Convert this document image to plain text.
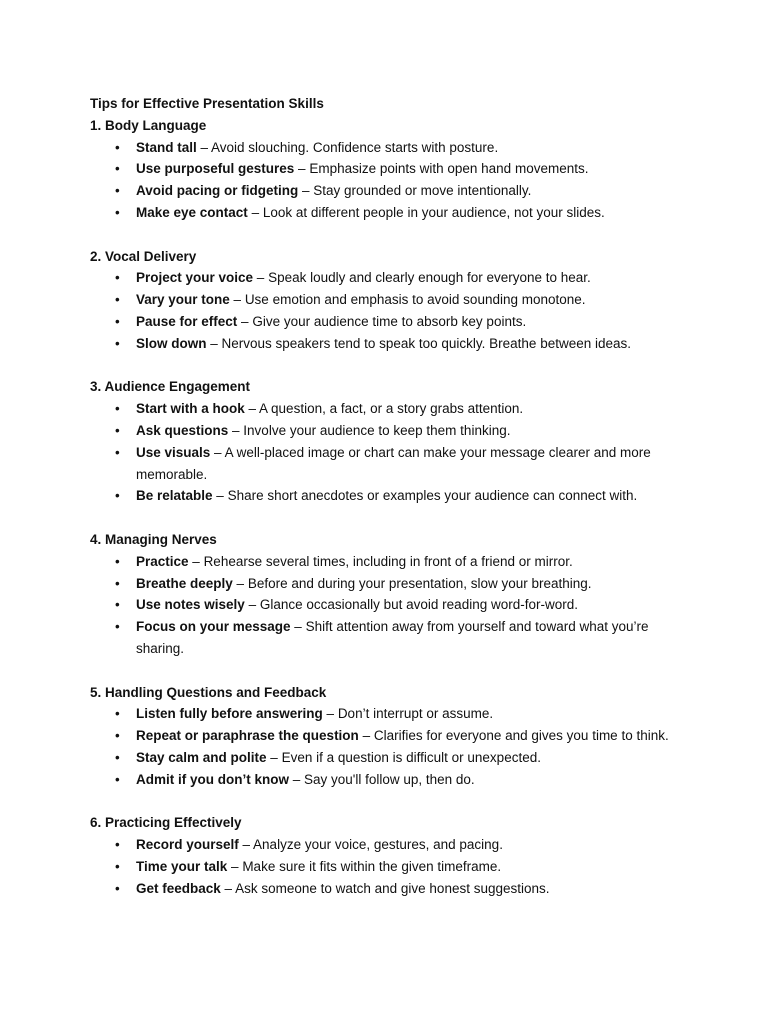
Tips for Effective Presentation Skills
1. Body Language
• Stand tall – Avoid slouching. Confidence starts with posture.
• Use purposeful gestures – Emphasize points with open hand movements.
• Avoid pacing or fidgeting – Stay grounded or move intentionally.
• Make eye contact – Look at different people in your audience, not your slides.
2. Vocal Delivery
• Project your voice – Speak loudly and clearly enough for everyone to hear.
• Vary your tone – Use emotion and emphasis to avoid sounding monotone.
• Pause for effect – Give your audience time to absorb key points.
• Slow down – Nervous speakers tend to speak too quickly. Breathe between ideas.
3. Audience Engagement
• Start with a hook – A question, a fact, or a story grabs attention.
• Ask questions – Involve your audience to keep them thinking.
• Use visuals – A well-placed image or chart can make your message clearer and more memorable.
• Be relatable – Share short anecdotes or examples your audience can connect with.
4. Managing Nerves
• Practice – Rehearse several times, including in front of a friend or mirror.
• Breathe deeply – Before and during your presentation, slow your breathing.
• Use notes wisely – Glance occasionally but avoid reading word-for-word.
• Focus on your message – Shift attention away from yourself and toward what you’re sharing.
5. Handling Questions and Feedback
• Listen fully before answering – Don’t interrupt or assume.
• Repeat or paraphrase the question – Clarifies for everyone and gives you time to think.
• Stay calm and polite – Even if a question is difficult or unexpected.
• Admit if you don’t know – Say you'll follow up, then do.
6. Practicing Effectively
• Record yourself – Analyze your voice, gestures, and pacing.
• Time your talk – Make sure it fits within the given timeframe.
• Get feedback – Ask someone to watch and give honest suggestions.
